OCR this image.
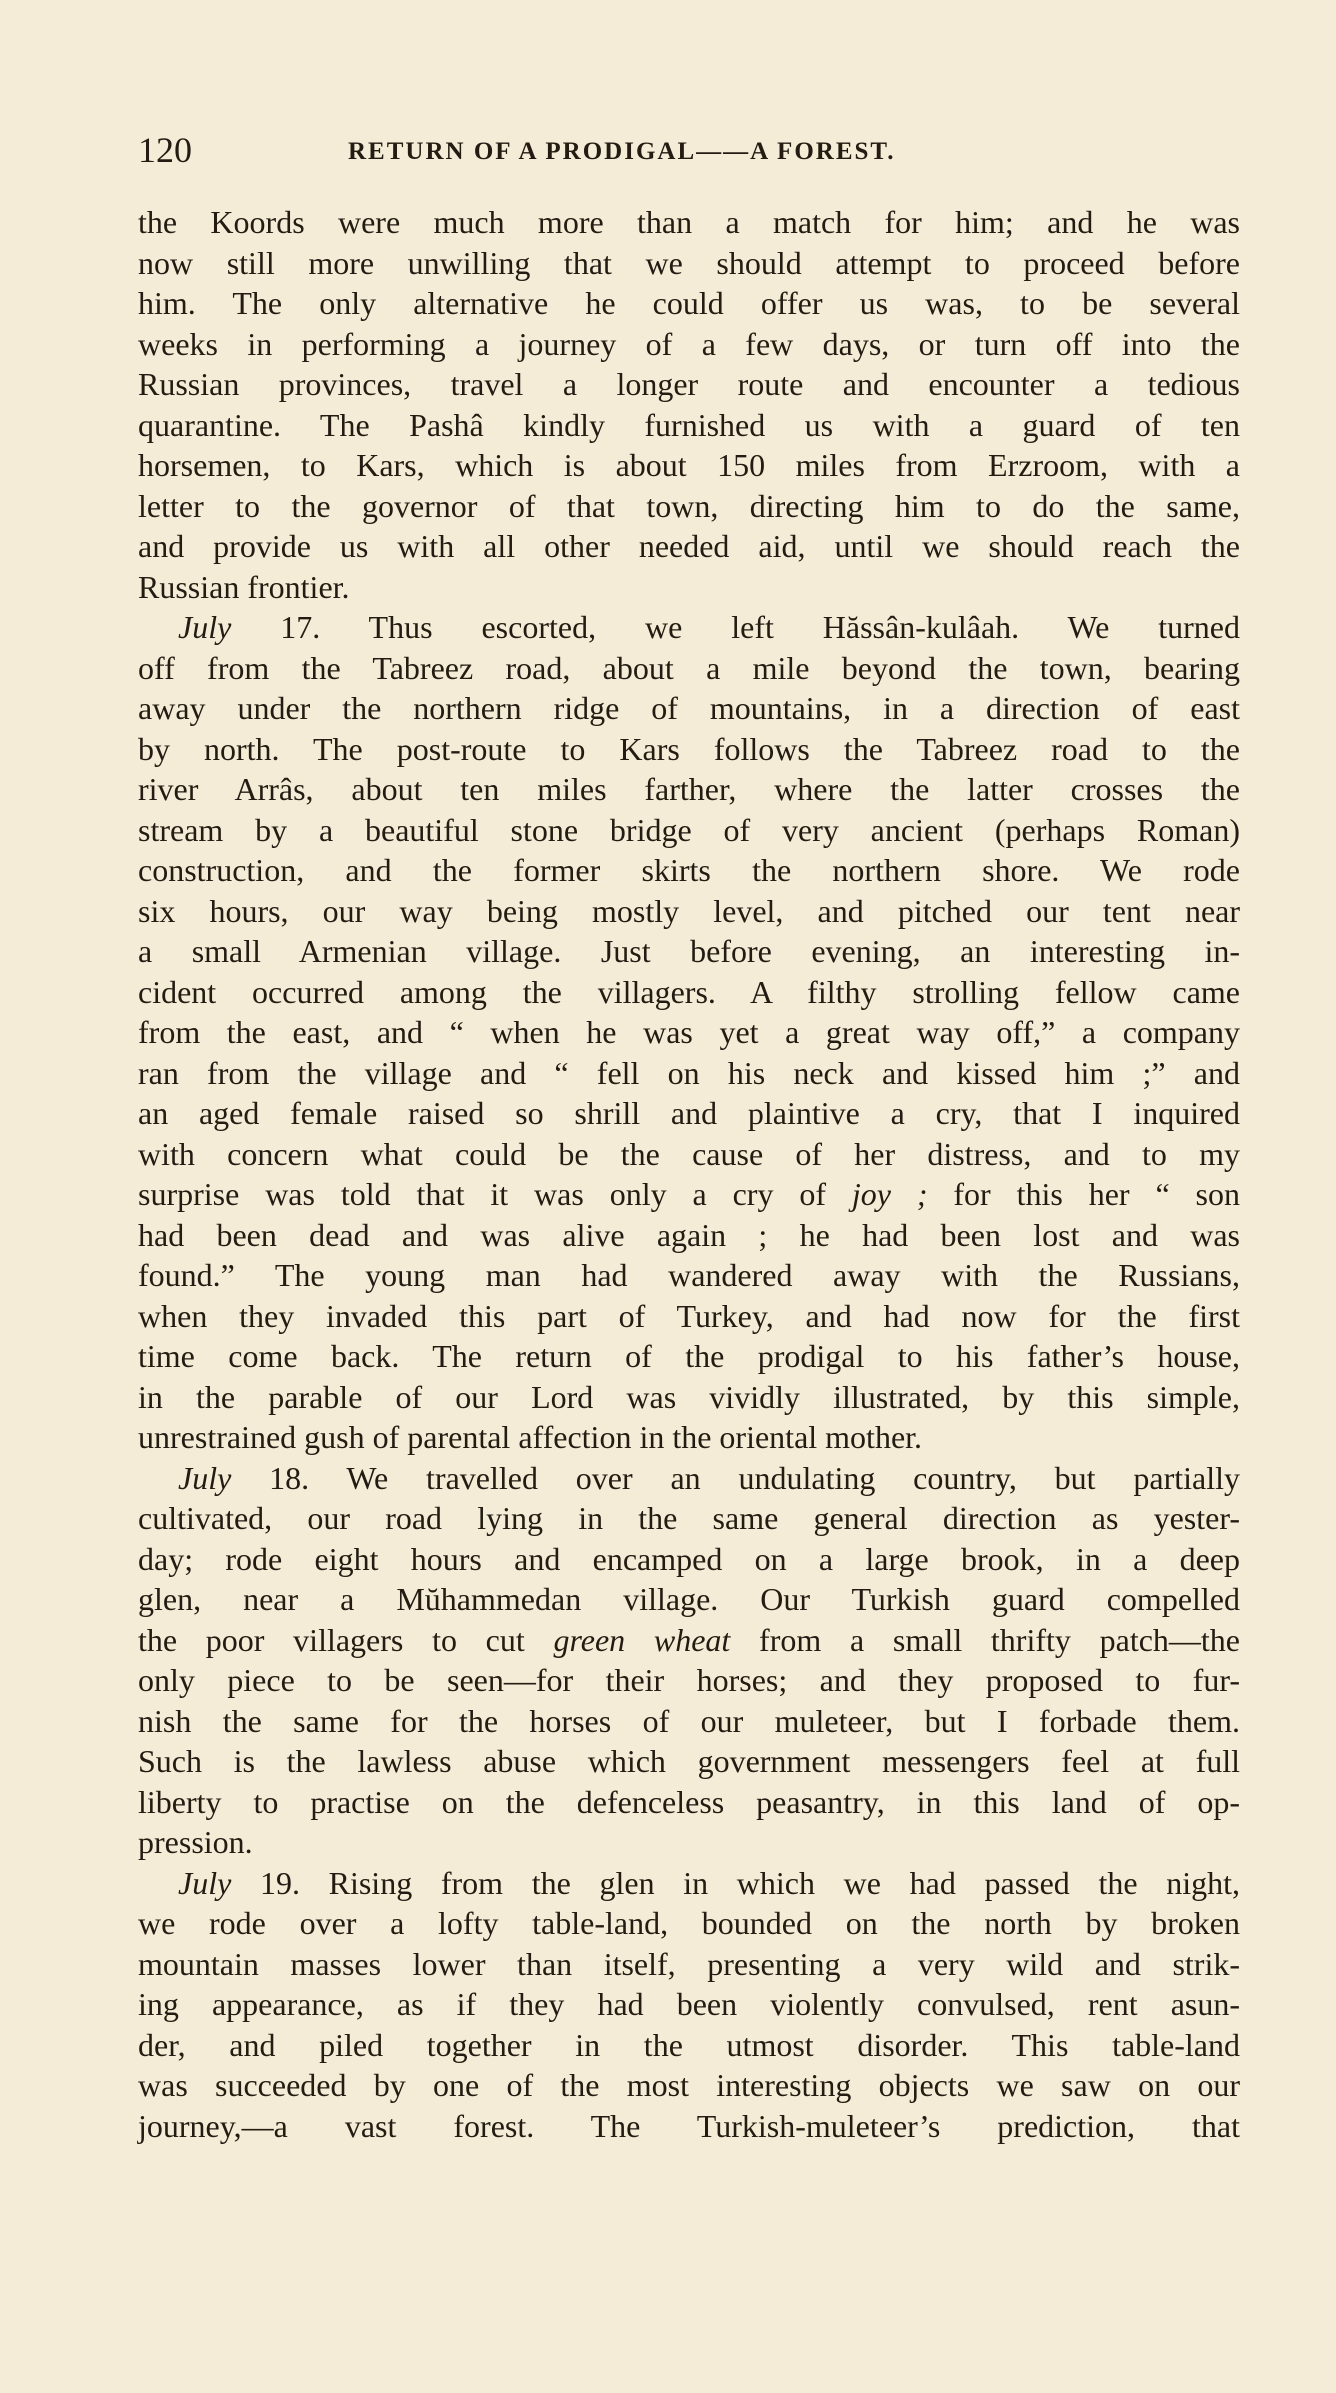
120	RETURN OF A PRODIGAL——A FOREST.
the Koords were much more than a match for him; and he was
now still more unwilling that we should attempt to proceed before
him. The only alternative he could offer us was, to be several
weeks in performing a journey of a few days, or turn off into the
Russian provinces, travel a longer route and encounter a tedious
quarantine. The Pashâ kindly furnished us with a guard of ten
horsemen, to Kars, which is about 150 miles from Erzroom, with a
letter to the governor of that town, directing him to do the same,
and provide us with all other needed aid, until we should reach the
Russian frontier.
July 17. Thus escorted, we left Hăssân-kulâah. We turned
off from the Tabreez road, about a mile beyond the town, bearing
away under the northern ridge of mountains, in a direction of east
by north. The post-route to Kars follows the Tabreez road to the
river Arrâs, about ten miles farther, where the latter crosses the
stream by a beautiful stone bridge of very ancient (perhaps Roman)
construction, and the former skirts the northern shore. We rode
six hours, our way being mostly level, and pitched our tent near
a small Armenian village. Just before evening, an interesting in-
cident occurred among the villagers. A filthy strolling fellow came
from the east, and “ when he was yet a great way off,” a company
ran from the village and “ fell on his neck and kissed him ;” and
an aged female raised so shrill and plaintive a cry, that I inquired
with concern what could be the cause of her distress, and to my
surprise was told that it was only a cry of joy ; for this her “ son
had been dead and was alive again ; he had been lost and was
found.” The young man had wandered away with the Russians,
when they invaded this part of Turkey, and had now for the first
time come back. The return of the prodigal to his father’s house,
in the parable of our Lord was vividly illustrated, by this simple,
unrestrained gush of parental affection in the oriental mother.
July 18. We travelled over an undulating country, but partially
cultivated, our road lying in the same general direction as yester-
day; rode eight hours and encamped on a large brook, in a deep
glen, near a Mŭhammedan village. Our Turkish guard compelled
the poor villagers to cut green wheat from a small thrifty patch—the
only piece to be seen—for their horses; and they proposed to fur-
nish the same for the horses of our muleteer, but I forbade them.
Such is the lawless abuse which government messengers feel at full
liberty to practise on the defenceless peasantry, in this land of op-
pression.
July 19. Rising from the glen in which we had passed the night,
we rode over a lofty table-land, bounded on the north by broken
mountain masses lower than itself, presenting a very wild and strik-
ing appearance, as if they had been violently convulsed, rent asun-
der, and piled together in the utmost disorder. This table-land
was succeeded by one of the most interesting objects we saw on our
journey,—a vast forest. The Turkish-muleteer’s prediction, that
